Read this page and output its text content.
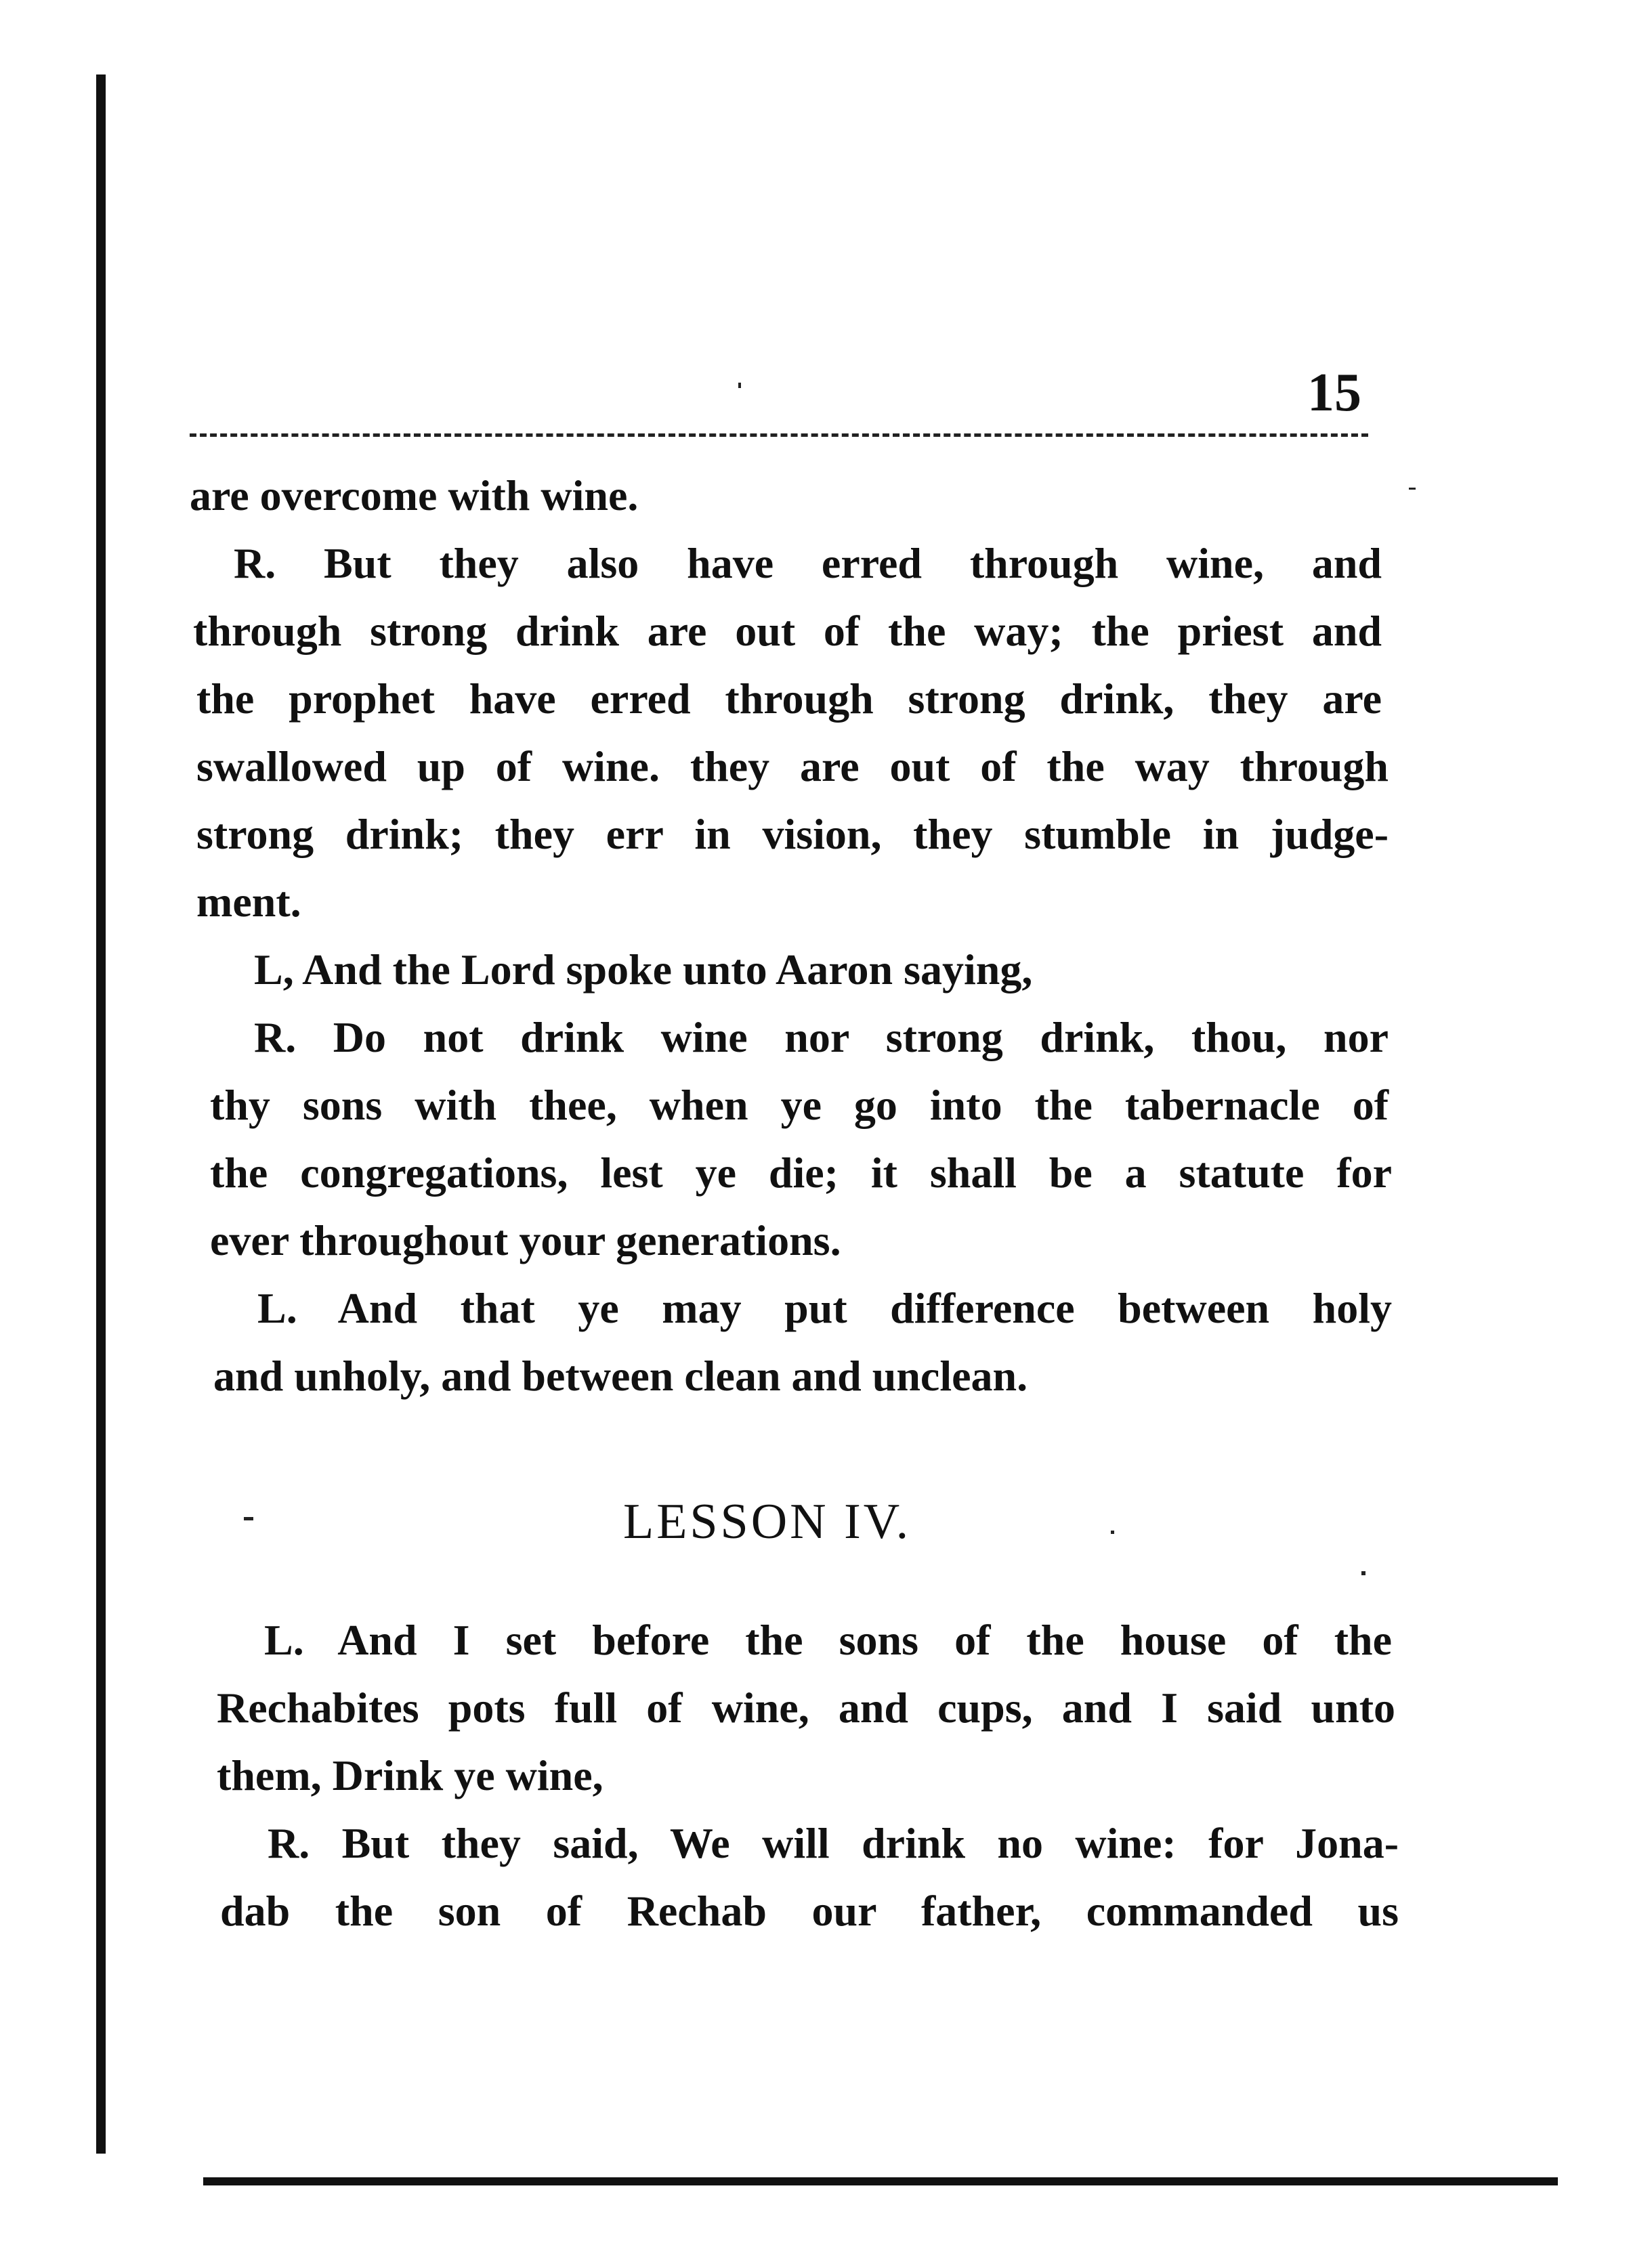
15
are overcome with wine.
R. But they also have erred through wine, and
through strong drink are out of the way; the priest and
the prophet have erred through strong drink, they are
swallowed up of wine. they are out of the way through
strong drink; they err in vision, they stumble in judge-
ment.
L, And the Lord spoke unto Aaron saying,
R. Do not drink wine nor strong drink, thou, nor
thy sons with thee, when ye go into the tabernacle of
the congregations, lest ye die; it shall be a statute for
ever throughout your generations.
L. And that ye may put difference between holy
and unholy, and between clean and unclean.
LESSON IV.
L. And I set before the sons of the house of the
Rechabites pots full of wine, and cups, and I said unto
them, Drink ye wine,
R. But they said, We will drink no wine: for Jona-
dab the son of Rechab our father, commanded us
